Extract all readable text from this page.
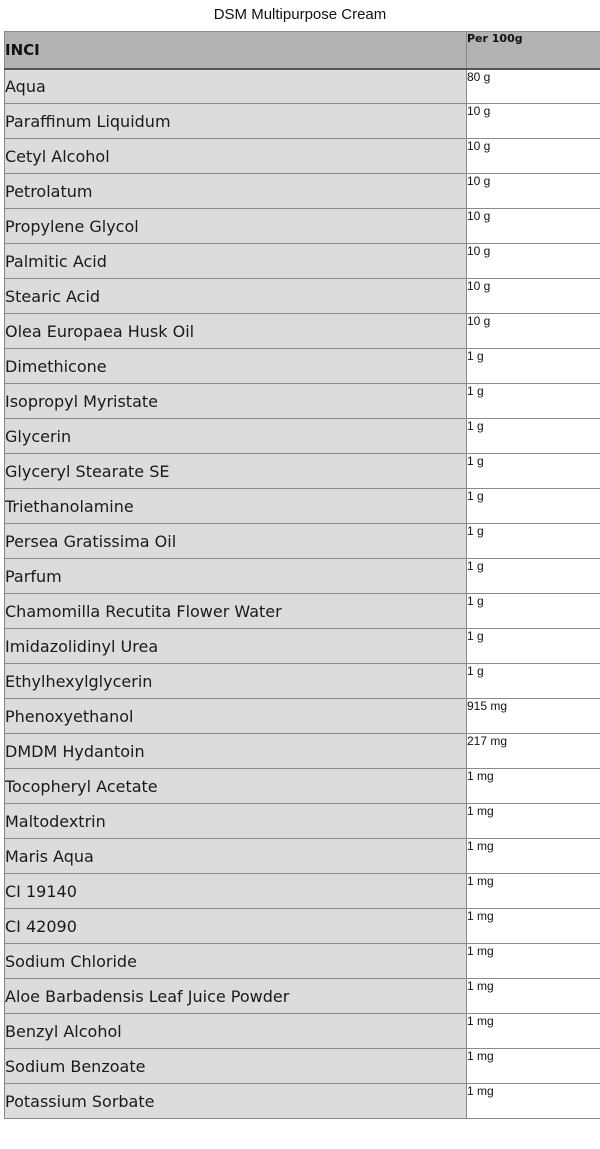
DSM Multipurpose Cream
INCI	Per 100g
Aqua	80 g
Paraffinum Liquidum	10 g
Cetyl Alcohol	10 g
Petrolatum	10 g
Propylene Glycol	10 g
Palmitic Acid	10 g
Stearic Acid	10 g
Olea Europaea Husk Oil	10 g
Dimethicone	1 g
Isopropyl Myristate	1 g
Glycerin	1 g
Glyceryl Stearate SE	1 g
Triethanolamine	1 g
Persea Gratissima Oil	1 g
Parfum	1 g
Chamomilla Recutita Flower Water	1 g
Imidazolidinyl Urea	1 g
Ethylhexylglycerin	1 g
Phenoxyethanol	915 mg
DMDM Hydantoin	217 mg
Tocopheryl Acetate	1 mg
Maltodextrin	1 mg
Maris Aqua	1 mg
CI 19140	1 mg
CI 42090	1 mg
Sodium Chloride	1 mg
Aloe Barbadensis Leaf Juice Powder	1 mg
Benzyl Alcohol	1 mg
Sodium Benzoate	1 mg
Potassium Sorbate	1 mg
